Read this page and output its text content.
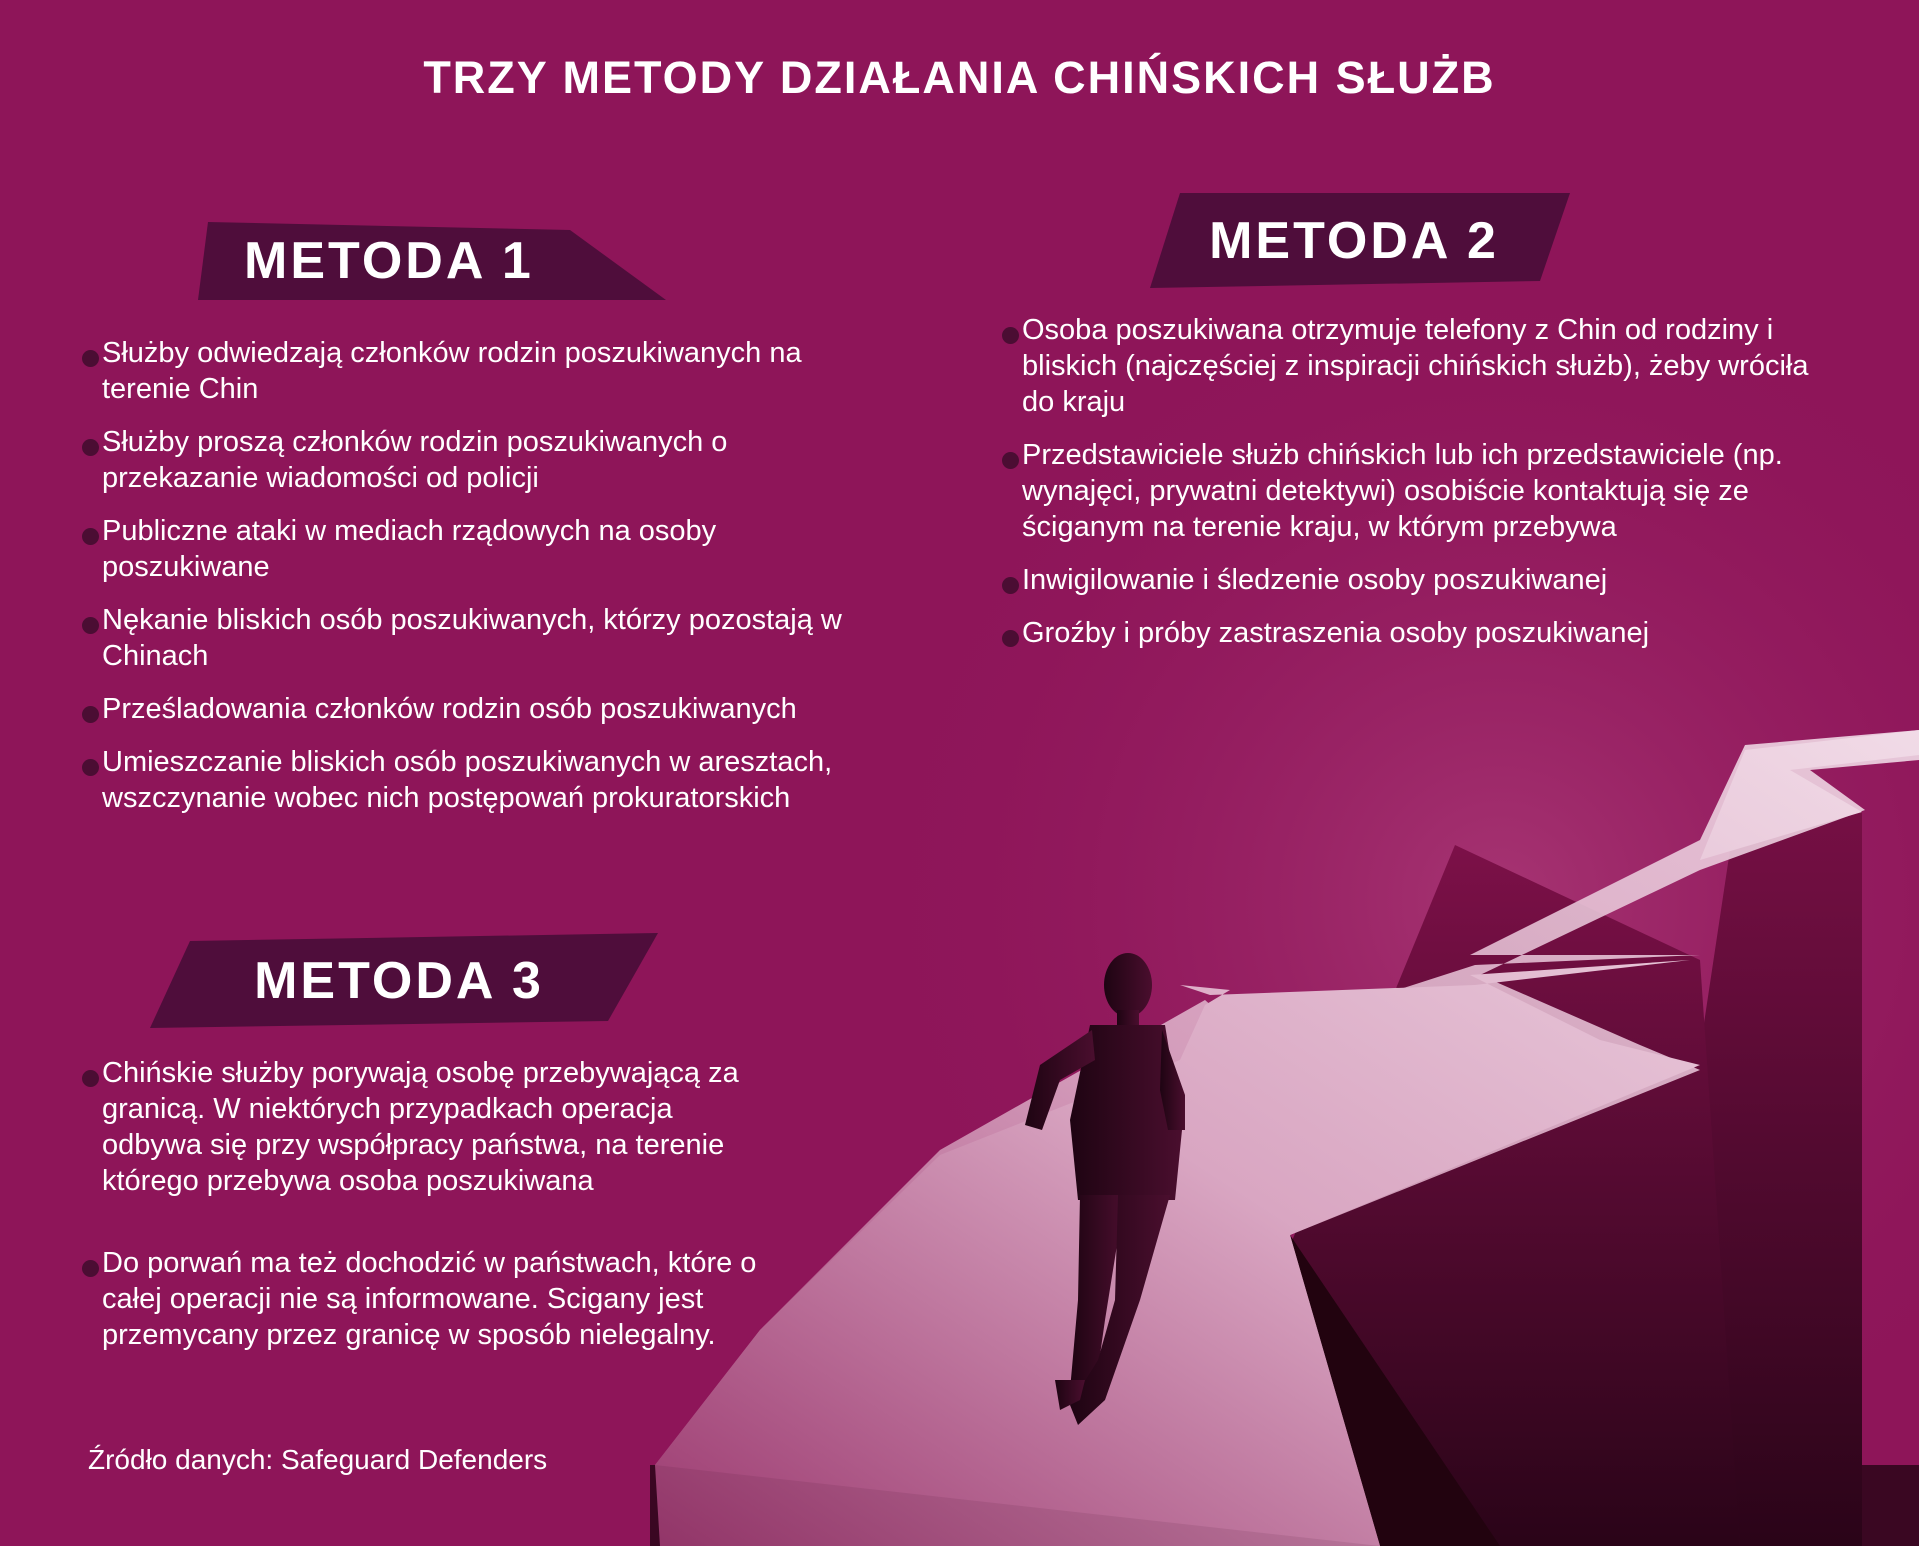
TRZY METODY DZIAŁANIA CHIŃSKICH SŁUŻB
METODA 1
Służby odwiedzają członków rodzin poszukiwanych na terenie Chin
Służby proszą członków rodzin poszukiwanych o przekazanie wiadomości od policji
Publiczne ataki w mediach rządowych na osoby poszukiwane
Nękanie bliskich osób poszukiwanych, którzy pozostają w Chinach
Prześladowania członków rodzin osób poszukiwanych
Umieszczanie bliskich osób poszukiwanych w aresztach, wszczynanie wobec nich postępowań prokuratorskich
METODA 2
Osoba poszukiwana otrzymuje telefony z Chin od rodziny i bliskich (najczęściej z inspiracji chińskich służb), żeby wróciła do kraju
Przedstawiciele służb chińskich lub ich przedstawiciele (np. wynajęci, prywatni detektywi) osobiście kontaktują się ze ściganym na terenie kraju, w którym przebywa
Inwigilowanie i śledzenie osoby poszukiwanej
Groźby i próby zastraszenia osoby poszukiwanej
METODA 3
Chińskie służby porywają osobę przebywającą za granicą. W niektórych przypadkach operacja odbywa się przy współpracy państwa, na terenie którego przebywa osoba poszukiwana
Do porwań ma też dochodzić w państwach, które o całej operacji nie są informowane. Scigany jest przemycany przez granicę w sposób nielegalny.

Źródło danych: Safeguard Defenders
